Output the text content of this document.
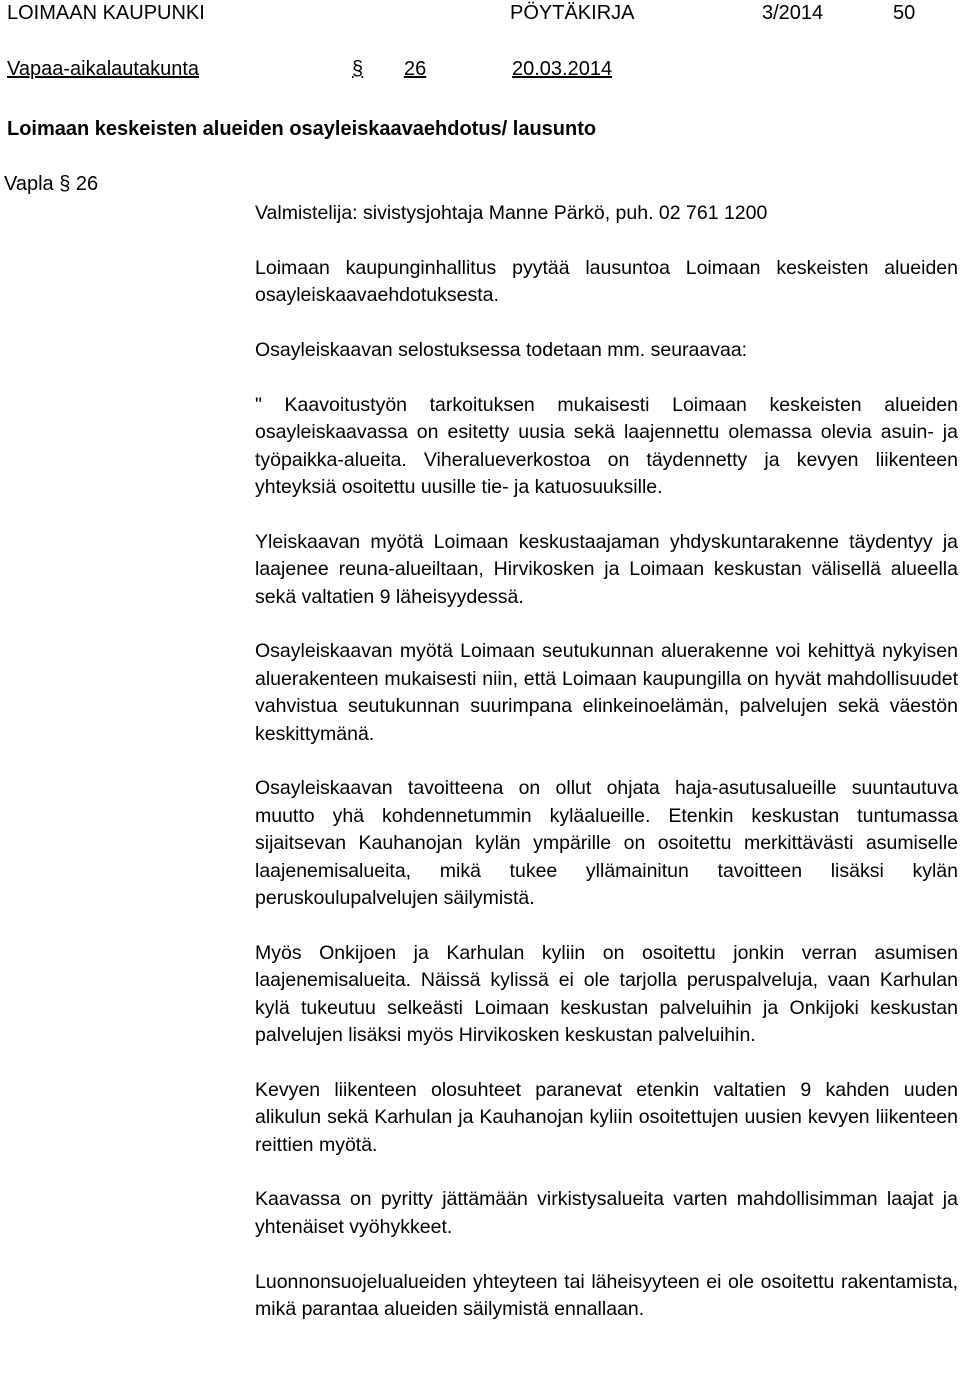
LOIMAAN KAUPUNKI	PÖYTÄKIRJA	3/2014	50
Vapaa-aikalautakunta	§ 26	20.03.2014
Loimaan keskeisten alueiden osayleiskaavaehdotus/ lausunto
Vapla § 26

Valmistelija: sivistysjohtaja Manne Pärkö, puh. 02 761 1200

Loimaan kaupunginhallitus pyytää lausuntoa Loimaan keskeisten alueiden osayleiskaavaehdotuksesta.

Osayleiskaavan selostuksessa todetaan mm. seuraavaa:

" Kaavoitustyön tarkoituksen mukaisesti Loimaan keskeisten alueiden osayleiskaavassa on esitetty uusia sekä laajennettu olemassa olevia asuin- ja työpaikka-alueita. Viheralueverkostoa on täydennetty ja kevyen liikenteen yhteyksiä osoitettu uusille tie- ja katuosuuksille.

Yleiskaavan myötä Loimaan keskustaajaman yhdyskuntarakenne täydentyy ja laajenee reuna-alueiltaan, Hirvikosken ja Loimaan keskustan välisellä alueella sekä valtatien 9 läheisyydessä.

Osayleiskaavan myötä Loimaan seutukunnan aluerakenne voi kehittyä nykyisen aluerakenteen mukaisesti niin, että Loimaan kaupungilla on hyvät mahdollisuudet vahvistua seutukunnan suurimpana elinkeinoelämän, palvelujen sekä väestön keskittymänä.

Osayleiskaavan tavoitteena on ollut ohjata haja-asutusalueille suuntautuva muutto yhä kohdennetummin kyläalueille. Etenkin keskustan tuntumassa sijaitsevan Kauhanojan kylän ympärille on osoitettu merkittävästi asumiselle laajenemisalueita, mikä tukee yllämainitun tavoitteen lisäksi kylän peruskoulupalvelujen säilymistä.

Myös Onkijoen ja Karhulan kyliin on osoitettu jonkin verran asumisen laajenemisalueita. Näissä kylissä ei ole tarjolla peruspalveluja, vaan Karhulan kylä tukeutuu selkeästi Loimaan keskustan palveluihin ja Onkijoki keskustan palvelujen lisäksi myös Hirvikosken keskustan palveluihin.

Kevyen liikenteen olosuhteet paranevat etenkin valtatien 9 kahden uuden alikulun sekä Karhulan ja Kauhanojan kyliin osoitettujen uusien kevyen liikenteen reittien myötä.

Kaavassa on pyritty jättämään virkistysalueita varten mahdollisimman laajat ja yhtenäiset vyöhykkeet.

Luonnonsuojelualueiden yhteyteen tai läheisyyteen ei ole osoitettu rakentamista, mikä parantaa alueiden säilymistä ennallaan.
